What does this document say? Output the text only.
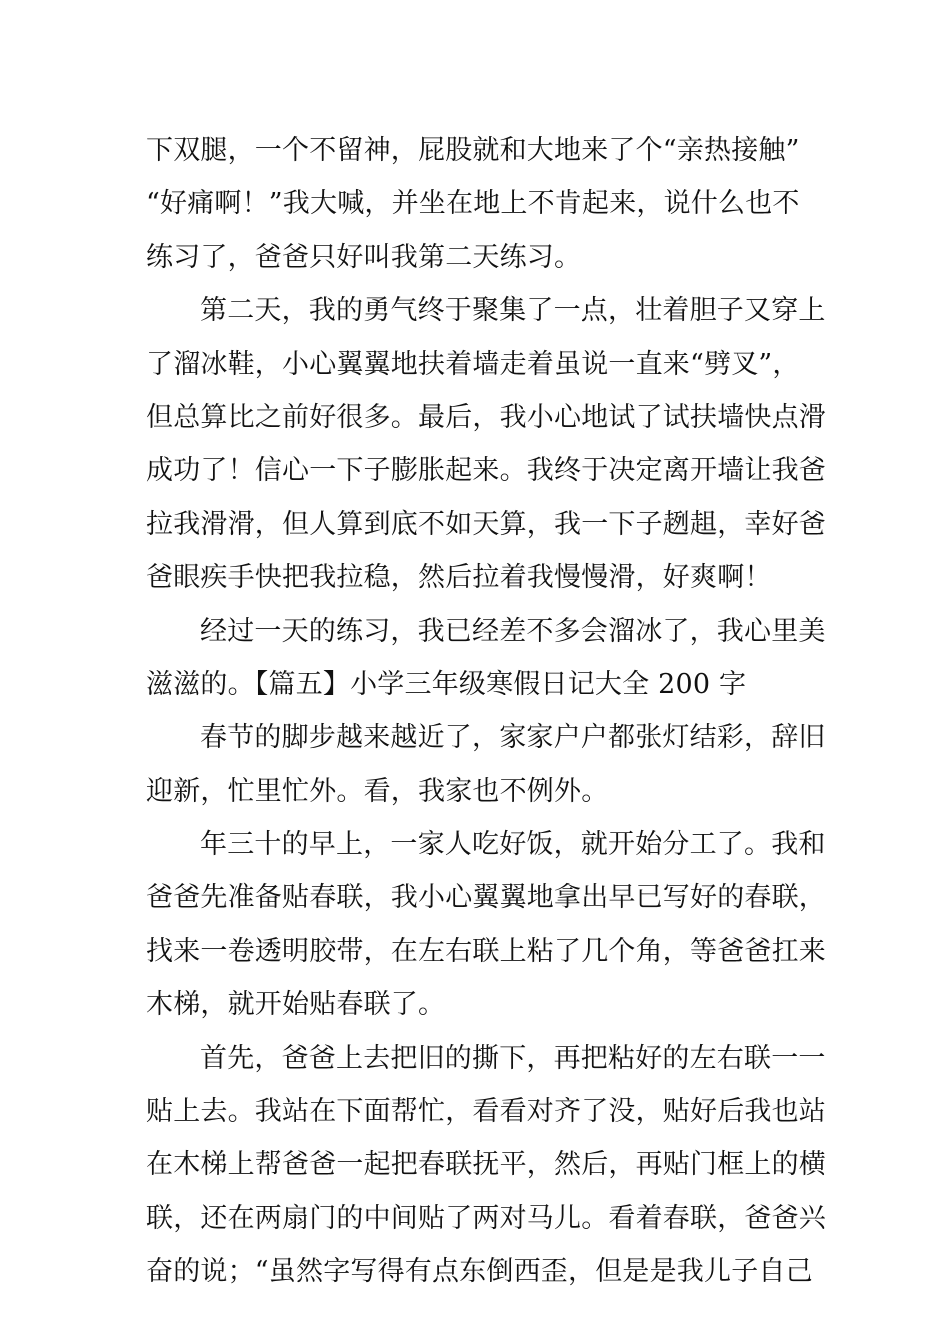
下双腿，一个不留神，屁股就和大地来了个“亲热接触”
“好痛啊！”我大喊，并坐在地上不肯起来，说什么也不
练习了，爸爸只好叫我第二天练习。
第二天，我的勇气终于聚集了一点，壮着胆子又穿上
了溜冰鞋，小心翼翼地扶着墙走着虽说一直来“劈叉”，
但总算比之前好很多。最后，我小心地试了试扶墙快点滑
成功了！信心一下子膨胀起来。我终于决定离开墙让我爸
拉我滑滑，但人算到底不如天算，我一下子趔趄，幸好爸
爸眼疾手快把我拉稳，然后拉着我慢慢滑，好爽啊！
经过一天的练习，我已经差不多会溜冰了，我心里美
滋滋的。【篇五】小学三年级寒假日记大全 200 字
春节的脚步越来越近了，家家户户都张灯结彩，辞旧
迎新，忙里忙外。看，我家也不例外。
年三十的早上，一家人吃好饭，就开始分工了。我和
爸爸先准备贴春联，我小心翼翼地拿出早已写好的春联，
找来一卷透明胶带，在左右联上粘了几个角，等爸爸扛来
木梯，就开始贴春联了。
首先，爸爸上去把旧的撕下，再把粘好的左右联一一
贴上去。我站在下面帮忙，看看对齐了没，贴好后我也站
在木梯上帮爸爸一起把春联抚平，然后，再贴门框上的横
联，还在两扇门的中间贴了两对马儿。看着春联，爸爸兴
奋的说；“虽然字写得有点东倒西歪，但是是我儿子自己
